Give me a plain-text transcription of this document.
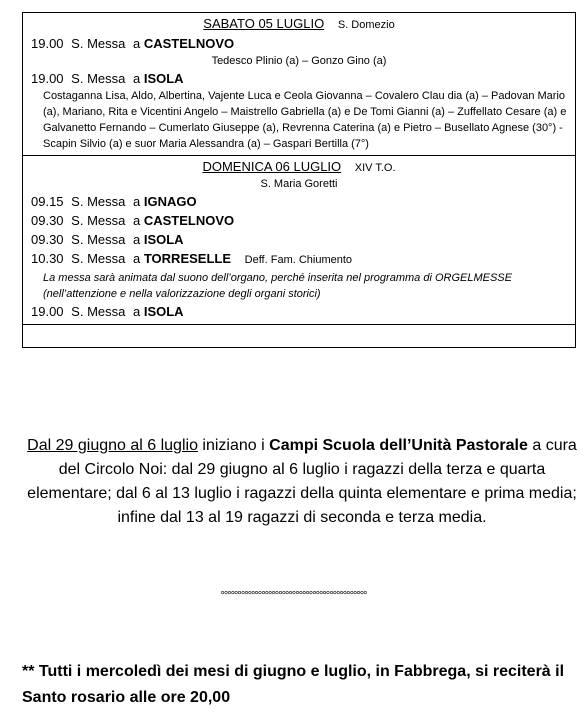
SABATO 05 LUGLIO S. Domezio
19.00 S. Messa a CASTELNOVO
Tedesco Plinio (a) – Gonzo Gino (a)
19.00 S. Messa a ISOLA
Costaganna Lisa, Aldo, Albertina, Vajente Luca e Ceola Giovanna – Covalero Clau dia (a) – Padovan Mario (a), Mariano, Rita e Vicentini Angelo – Maistrello Gabriella (a) e De Tomi Gianni (a) – Zuffellato Cesare (a) e Galvanetto Fernando – Cumerlato Giuseppe (a), Revrenna Caterina (a) e Pietro – Busellato Agnese (30°) - Scapin Silvio (a) e suor Maria Alessandra (a) – Gaspari Bertilla (7°)
DOMENICA 06 LUGLIO XIV T.O.
S. Maria Goretti
09.15 S. Messa a IGNAGO
09.30 S. Messa a CASTELNOVO
09.30 S. Messa a ISOLA
10.30 S. Messa a TORRESELLE Deff. Fam. Chiumento
La messa sarà animata dal suono dell’organo, perché inserita nel programma di ORGELMESSE (nell’attenzione e nella valorizzazione degli organi storici)
19.00 S. Messa a ISOLA
Dal 29 giugno al 6 luglio iniziano i Campi Scuola dell’Unità Pastorale a cura del Circolo Noi: dal 29 giugno al 6 luglio i ragazzi della terza e quarta elementare; dal 6 al 13 luglio i ragazzi della quinta elementare e prima media; infine dal 13 al 19 ragazzi di seconda e terza media.
°°°°°°°°°°°°°°°°°°°°°°°°°°°°°°°°°°°°°°°°°°°
** Tutti i mercoledì dei mesi di giugno e luglio, in Fabbrega, si reciterà il Santo rosario alle ore 20,00
